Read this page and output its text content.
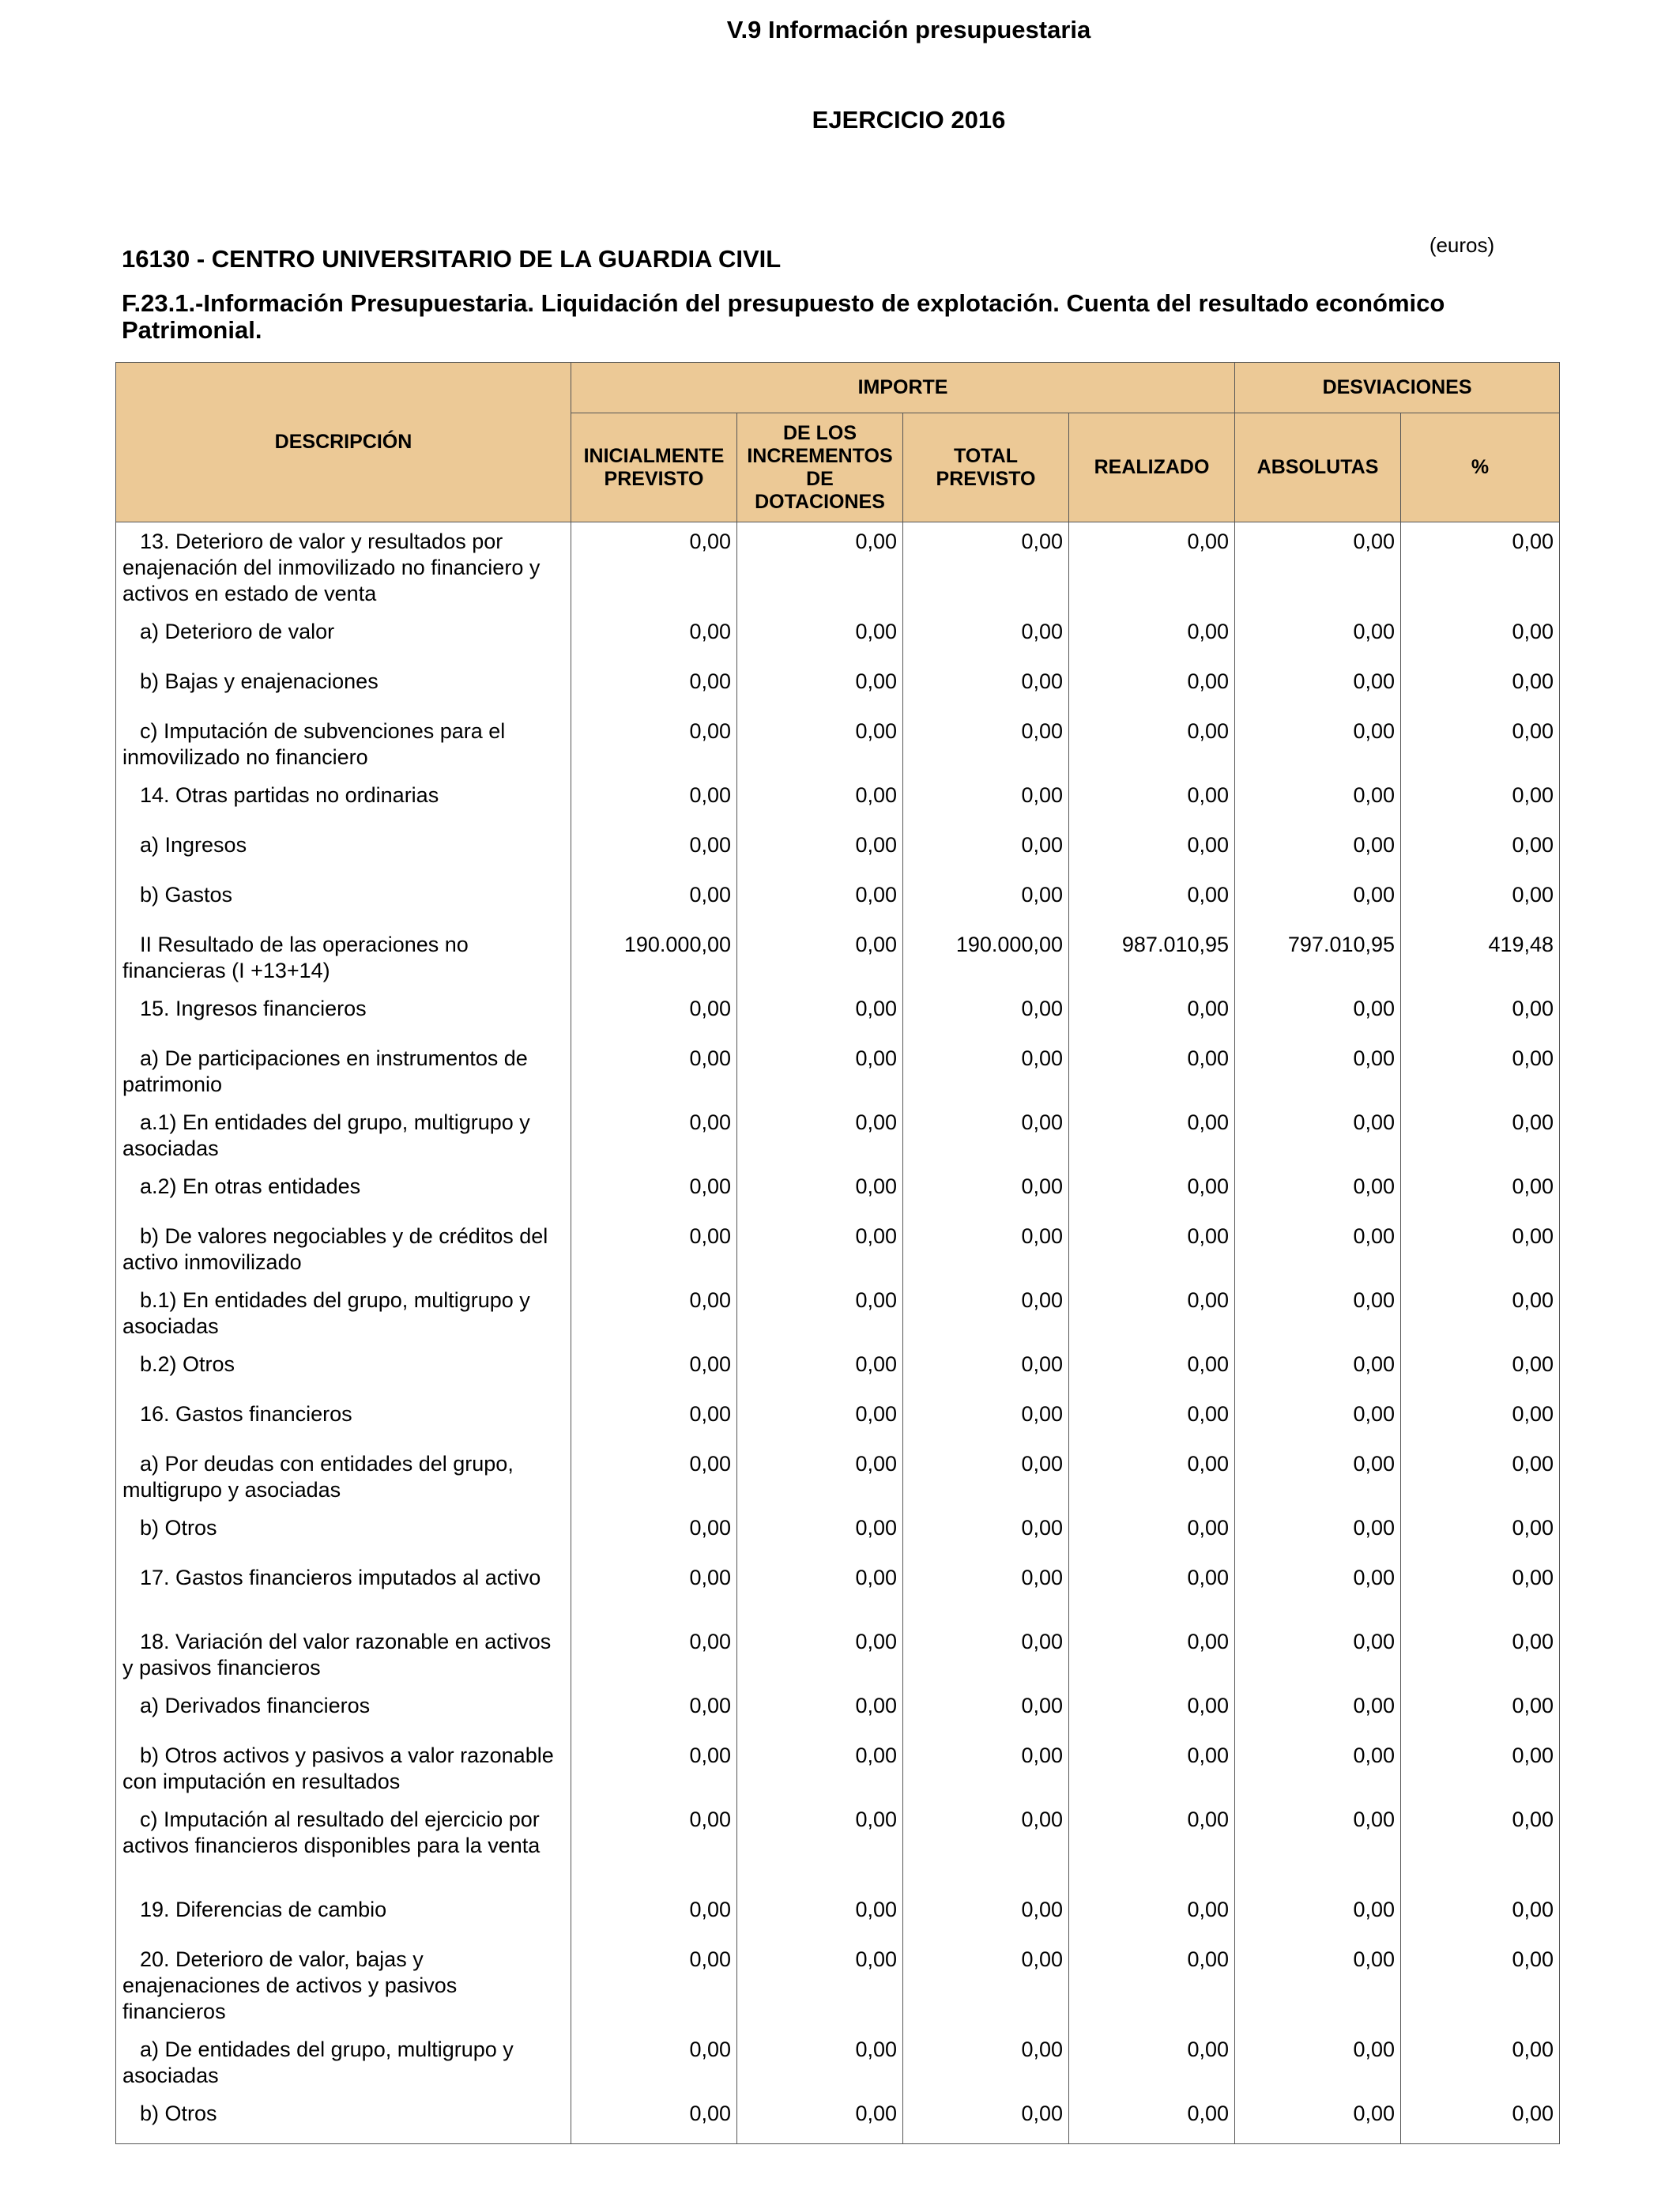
V.9 Información presupuestaria
EJERCICIO 2016
(euros)
16130 - CENTRO UNIVERSITARIO DE LA GUARDIA CIVIL
F.23.1.-Información Presupuestaria. Liquidación del presupuesto de explotación. Cuenta del resultado económico Patrimonial.
DESCRIPCIÓN	IMPORTE				DESVIACIONES	
	INICIALMENTE PREVISTO	DE LOS INCREMENTOS DE DOTACIONES	TOTAL PREVISTO	REALIZADO	ABSOLUTAS	%
13. Deterioro de valor y resultados por enajenación del inmovilizado no financiero y activos en estado de venta	0,00	0,00	0,00	0,00	0,00	0,00
a) Deterioro de valor	0,00	0,00	0,00	0,00	0,00	0,00
b) Bajas y enajenaciones	0,00	0,00	0,00	0,00	0,00	0,00
c) Imputación de subvenciones para el inmovilizado no financiero	0,00	0,00	0,00	0,00	0,00	0,00
14. Otras partidas no ordinarias	0,00	0,00	0,00	0,00	0,00	0,00
a) Ingresos	0,00	0,00	0,00	0,00	0,00	0,00
b) Gastos	0,00	0,00	0,00	0,00	0,00	0,00
II Resultado de las operaciones no financieras (I +13+14)	190.000,00	0,00	190.000,00	987.010,95	797.010,95	419,48
15. Ingresos financieros	0,00	0,00	0,00	0,00	0,00	0,00
a) De participaciones en instrumentos de patrimonio	0,00	0,00	0,00	0,00	0,00	0,00
a.1) En entidades del grupo, multigrupo y asociadas	0,00	0,00	0,00	0,00	0,00	0,00
a.2) En otras entidades	0,00	0,00	0,00	0,00	0,00	0,00
b) De valores negociables y de créditos del activo inmovilizado	0,00	0,00	0,00	0,00	0,00	0,00
b.1) En entidades del grupo, multigrupo y asociadas	0,00	0,00	0,00	0,00	0,00	0,00
b.2) Otros	0,00	0,00	0,00	0,00	0,00	0,00
16. Gastos financieros	0,00	0,00	0,00	0,00	0,00	0,00
a) Por deudas con entidades del grupo, multigrupo y asociadas	0,00	0,00	0,00	0,00	0,00	0,00
b) Otros	0,00	0,00	0,00	0,00	0,00	0,00
17. Gastos financieros imputados al activo	0,00	0,00	0,00	0,00	0,00	0,00
18. Variación del valor razonable en activos y pasivos financieros	0,00	0,00	0,00	0,00	0,00	0,00
a) Derivados financieros	0,00	0,00	0,00	0,00	0,00	0,00
b) Otros activos y pasivos a valor razonable con imputación en resultados	0,00	0,00	0,00	0,00	0,00	0,00
c) Imputación al resultado del ejercicio por activos financieros disponibles para la venta	0,00	0,00	0,00	0,00	0,00	0,00
19. Diferencias de cambio	0,00	0,00	0,00	0,00	0,00	0,00
20. Deterioro de valor, bajas y enajenaciones de activos y pasivos financieros	0,00	0,00	0,00	0,00	0,00	0,00
a) De entidades del grupo, multigrupo y asociadas	0,00	0,00	0,00	0,00	0,00	0,00
b) Otros	0,00	0,00	0,00	0,00	0,00	0,00
